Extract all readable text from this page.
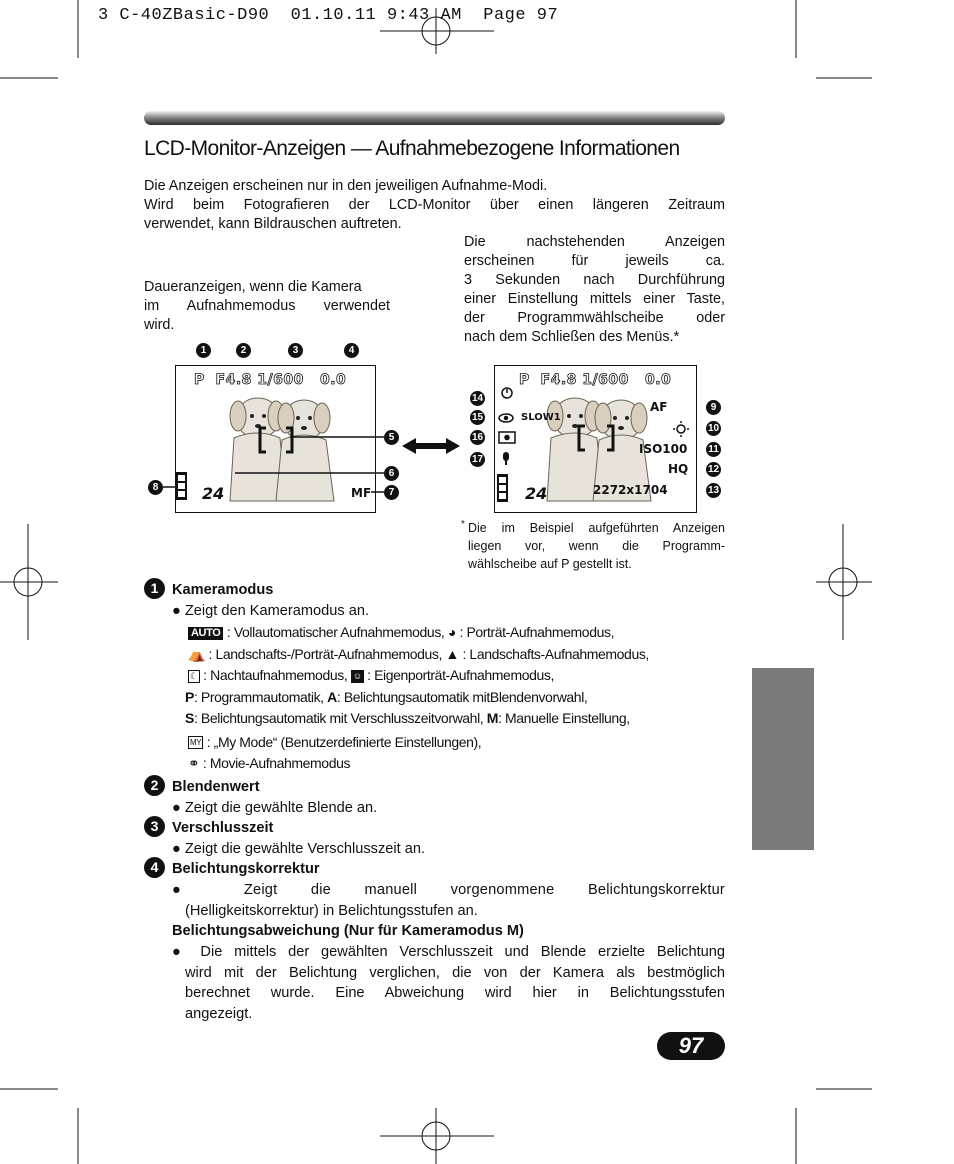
3 C-40ZBasic-D90  01.10.11 9:43 AM  Page 97
LCD-Monitor-Anzeigen — Aufnahmebezogene Informationen
Die Anzeigen erscheinen nur in den jeweiligen Aufnahme-Modi.
Wird beim Fotografieren der LCD-Monitor über einen längeren Zeitraum
verwendet, kann Bildrauschen auftreten.
Die nachstehenden Anzeigen
erscheinen für jeweils ca.
3 Sekunden nach Durchführung
einer Einstellung mittels einer Taste,
der Programmwählscheibe oder
nach dem Schließen des Menüs.*
Daueranzeigen, wenn die Kamera
im Aufnahmemodus verwendet
wird.
1	2	3	4
P  F4.8 1/600   0.0
24	MF
5
6
7
8
P  F4.8 1/600   0.0
SLOW1
AF
ISO100
HQ
2272x1704
24
9
10
11
12
13
14
15
16
17
* Die im Beispiel aufgeführten Anzeigen
liegen vor, wenn die Programm-
wählscheibe auf P gestellt ist.
1 Kameramodus
● Zeigt den Kameramodus an.
AUTO : Vollautomatischer Aufnahmemodus, ◕ : Porträt-Aufnahmemodus,
⛺ : Landschafts-/Porträt-Aufnahmemodus, ▲ : Landschafts-Aufnahmemodus,
☾ : Nachtaufnahmemodus, ☺ : Eigenporträt-Aufnahmemodus,
P: Programmautomatik, A: Belichtungsautomatik mitBlendenvorwahl,
S: Belichtungsautomatik mit Verschlusszeitvorwahl, M: Manuelle Einstellung,
MY : „My Mode“ (Benutzerdefinierte Einstellungen),
⚭ : Movie-Aufnahmemodus
2 Blendenwert
● Zeigt die gewählte Blende an.
3 Verschlusszeit
● Zeigt die gewählte Verschlusszeit an.
4 Belichtungskorrektur
● Zeigt die manuell vorgenommene Belichtungskorrektur
(Helligkeitskorrektur) in Belichtungsstufen an.
Belichtungsabweichung (Nur für Kameramodus M)
● Die mittels der gewählten Verschlusszeit und Blende erzielte Belichtung
wird mit der Belichtung verglichen, die von der Kamera als bestmöglich
berechnet wurde. Eine Abweichung wird hier in Belichtungsstufen
angezeigt.
97
